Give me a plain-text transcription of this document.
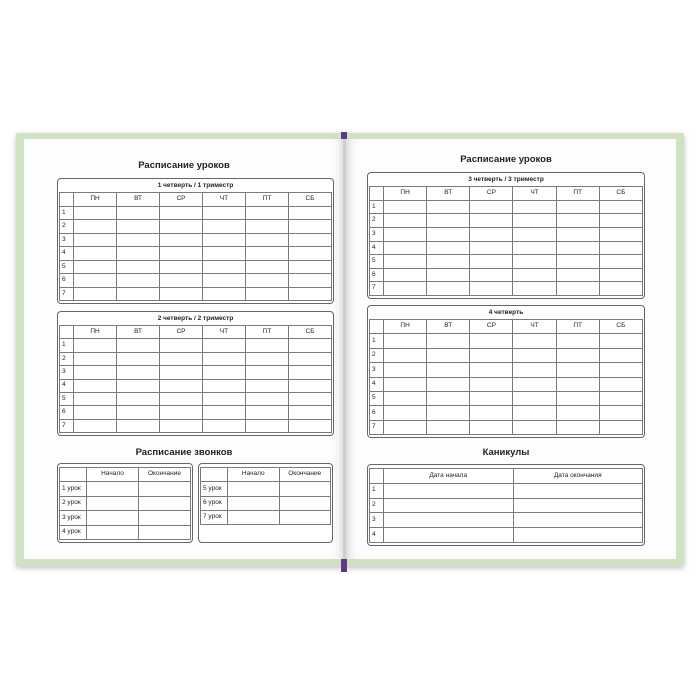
Расписание уроков
1 четверть / 1 триместр
	ПН	ВТ	СР	ЧТ	ПТ	СБ
1						
2						
3						
4						
5						
6						
7						
2 четверть / 2 триместр
	ПН	ВТ	СР	ЧТ	ПТ	СБ
1						
2						
3						
4						
5						
6						
7						
Расписание звонков
	Начало	Окончание
1 урок		
2 урок		
3 урок		
4 урок		
	Начало	Окончание
5 урок		
6 урок		
7 урок		
Расписание уроков
3 четверть / 3 триместр
	ПН	ВТ	СР	ЧТ	ПТ	СБ
1						
2						
3						
4						
5						
6						
7						
4 четверть
	ПН	ВТ	СР	ЧТ	ПТ	СБ
1						
2						
3						
4						
5						
6						
7						
Каникулы
	Дата начала	Дата окончания
1		
2		
3		
4		
